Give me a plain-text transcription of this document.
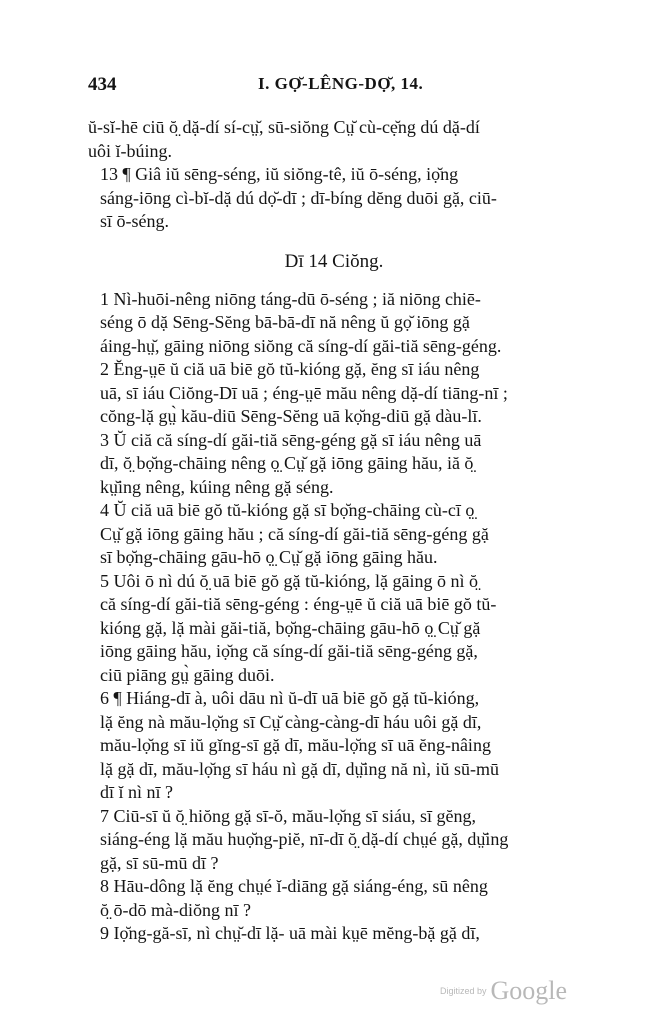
434	I. GỌ̆-LÊNG-DỌ̆, 14.

ŭ-sĭ-hē ciū ŏ̤ dặ-dí sí-cṳ̆, sū-siŏng Cṳ̆ cù-cẹ̆ng dú dặ-dí
uôi ĭ-búing.

13 ¶ Giâ iŭ sēng-séng, iŭ siŏng-tê, iŭ ō-séng, iọ̆ng
sáng-iōng cì-bĭ-dặ dú dọ̆-dī ; dī-bíng dĕng duōi gặ, ciū-
sī ō-séng.

Dī 14 Ciŏng.

1 Nì-huōi-nêng niōng táng-dū ō-séng ; iă niōng chiē-
séng ō dặ Sēng-Sĕng bā-bā-dī nă nêng ŭ gọ̆ iōng gặ
áing-hṳ̆, gāing niōng siŏng că síng-dí găi-tiă sēng-géng.

2 Ĕng-ṳē ŭ ciă uā biē gŏ tŭ-kióng gặ, ĕng sī iáu nêng
uā, sī iáu Ciŏng-Dī uā ; éng-ṳē mău nêng dặ-dí tiāng-nī ;
cŏng-lặ gṳ̀ kău-diū Sēng-Sĕng uā kọ̆ng-diū gặ dàu-lī.

3 Ŭ ciă că síng-dí găi-tiă sēng-géng gặ sī iáu nêng uā
dī, ŏ̤ bọ̆ng-chāing nêng ọ̤ Cṳ̆ gặ iōng gāing hău, iă ŏ̤
kṳ̆ing nêng, kúing nêng gặ séng.

4 Ŭ ciă uā biē gŏ tŭ-kióng gặ sī bọ̆ng-chāing cù-cī ọ̤
Cṳ̆ gặ iōng gāing hău ; că síng-dí găi-tiă sēng-géng gặ
sī bọ̆ng-chāing gāu-hō ọ̤ Cṳ̆ gặ iōng gāing hău.

5 Uôi ō nì dú ŏ̤ uā biē gŏ gặ tŭ-kióng, lặ gāing ō nì ŏ̤
că síng-dí găi-tiă sēng-géng : éng-ṳē ŭ ciă uā biē gŏ tŭ-
kióng gặ, lặ mài găi-tiă, bọ̆ng-chāing gāu-hō ọ̤ Cṳ̆ gặ
iōng gāing hău, iọ̆ng că síng-dí găi-tiă sēng-géng gặ,
ciū piāng gṳ̀ gāing duōi.

6 ¶ Hiáng-dī à, uôi dāu nì ŭ-dī uā biē gŏ gặ tŭ-kióng,
lặ ĕng nà mău-lọ̆ng sī Cṳ̆ càng-càng-dī háu uôi gặ dī,
mău-lọ̆ng sī iŭ gĭng-sī gặ dī, mău-lọ̆ng sī uā ĕng-nâing
lặ gặ dī, mău-lọ̆ng sī háu nì gặ dī, dṳ̆ing nă nì, iŭ sū-mū
dī ĭ nì nī ?

7 Ciū-sī ŭ ŏ̤ hiŏng gặ sī-ŏ, mău-lọ̆ng sī siáu, sī gĕng,
siáng-éng lặ mău huọ̆ng-piĕ, nī-dī ŏ̤ dặ-dí chṳé gặ, dṳ̆ing
gặ, sī sū-mū dī ?

8 Hāu-dông lặ ĕng chṳé ĭ-diāng gặ siáng-éng, sū nêng
ŏ̤ ō-dō mà-diŏng nī ?

9 Iọ̆ng-gă-sī, nì chṳ̆-dī lặ- uā mài kṳē mĕng-bặ gặ dī,

Digitized by Google
